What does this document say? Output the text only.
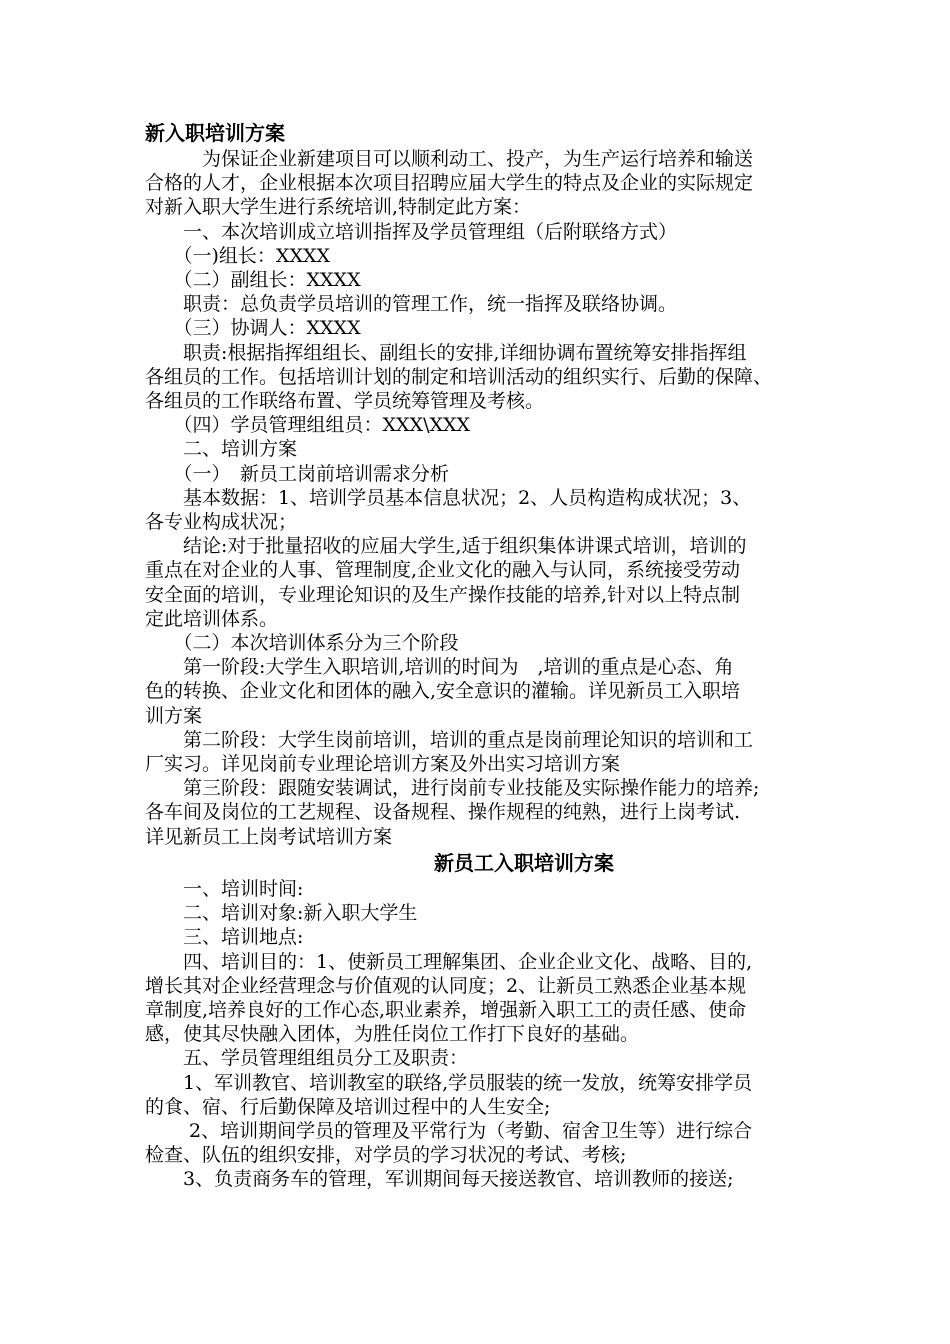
新入职培训方案

　　　为保证企业新建项目可以顺利动工、投产，为生产运行培养和输送

合格的人才，企业根据本次项目招聘应届大学生的特点及企业的实际规定

对新入职大学生进行系统培训,特制定此方案：

　　一、本次培训成立培训指挥及学员管理组（后附联络方式）

　　（一)组长：XXXX

　　（二）副组长：XXXX

　　职责：总负责学员培训的管理工作，统一指挥及联络协调。

　　（三）协调人：XXXX

　　职责:根据指挥组组长、副组长的安排,详细协调布置统筹安排指挥组

各组员的工作。包括培训计划的制定和培训活动的组织实行、后勤的保障、

各组员的工作联络布置、学员统筹管理及考核。

　　（四）学员管理组组员：XXX\XXX

　　二、培训方案

　　（一）　新员工岗前培训需求分析

　　基本数据：1、培训学员基本信息状况；2、人员构造构成状况；3、

各专业构成状况；

　　结论:对于批量招收的应届大学生,适于组织集体讲课式培训，培训的

重点在对企业的人事、管理制度,企业文化的融入与认同，系统接受劳动

安全面的培训，专业理论知识的及生产操作技能的培养,针对以上特点制

定此培训体系。

　　（二）本次培训体系分为三个阶段

　　第一阶段:大学生入职培训,培训的时间为　,培训的重点是心态、角

色的转换、企业文化和团体的融入,安全意识的灌输。详见新员工入职培

训方案

　　第二阶段：大学生岗前培训，培训的重点是岗前理论知识的培训和工

厂实习。详见岗前专业理论培训方案及外出实习培训方案

　　第三阶段：跟随安装调试，进行岗前专业技能及实际操作能力的培养;

各车间及岗位的工艺规程、设备规程、操作规程的纯熟，进行上岗考试.

详见新员工上岗考试培训方案

新员工入职培训方案

　　一、培训时间:

　　二、培训对象:新入职大学生

　　三、培训地点:

　　四、培训目的：1、使新员工理解集团、企业企业文化、战略、目的,

增长其对企业经营理念与价值观的认同度；2、让新员工熟悉企业基本规

章制度,培养良好的工作心态,职业素养，增强新入职工工的责任感、使命

感，使其尽快融入团体，为胜任岗位工作打下良好的基础。

　　五、学员管理组组员分工及职责：

　　1、军训教官、培训教室的联络,学员服装的统一发放，统筹安排学员

的食、宿、行后勤保障及培训过程中的人生安全;

　　 2、培训期间学员的管理及平常行为（考勤、宿舍卫生等）进行综合

检查、队伍的组织安排，对学员的学习状况的考试、考核;

　　3、负责商务车的管理，军训期间每天接送教官、培训教师的接送;
